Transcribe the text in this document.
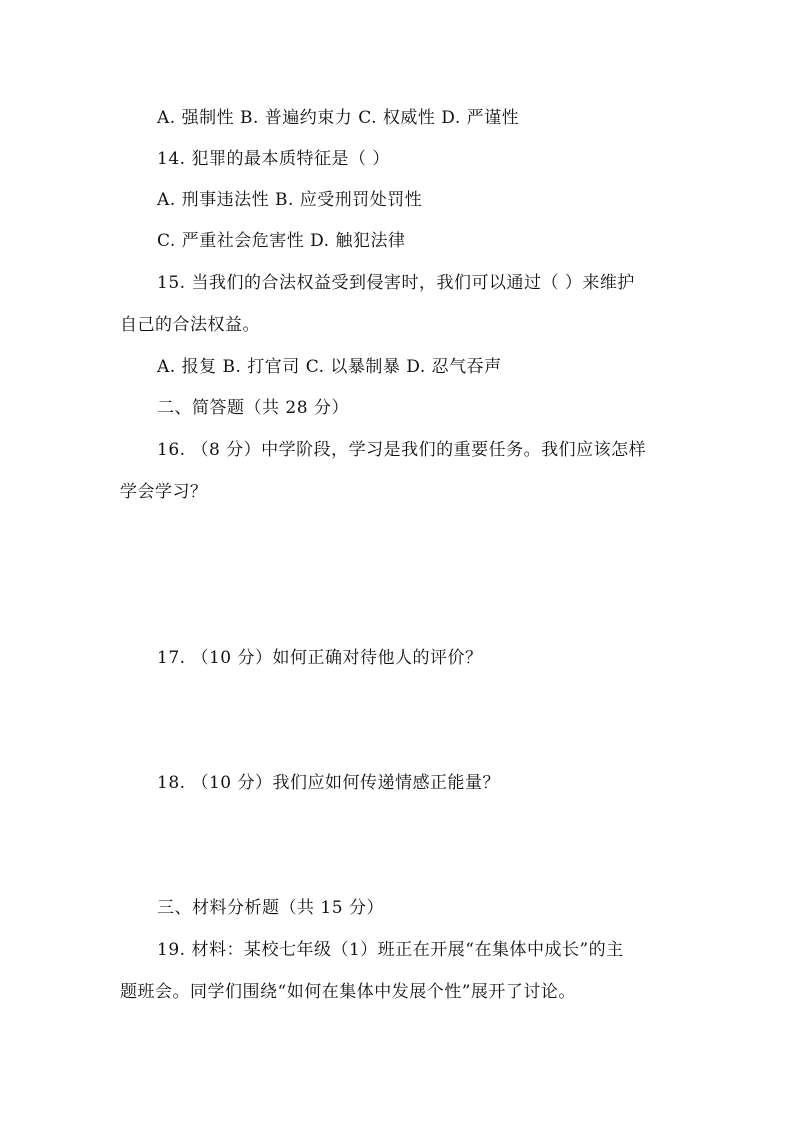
A. 强制性 B. 普遍约束力 C. 权威性 D. 严谨性
14. 犯罪的最本质特征是（ ）
A. 刑事违法性 B. 应受刑罚处罚性
C. 严重社会危害性 D. 触犯法律
15. 当我们的合法权益受到侵害时，我们可以通过（ ）来维护
自己的合法权益。
A. 报复 B. 打官司 C. 以暴制暴 D. 忍气吞声
二、简答题（共 28 分）
16. （8 分）中学阶段，学习是我们的重要任务。我们应该怎样
学会学习？
17. （10 分）如何正确对待他人的评价？
18. （10 分）我们应如何传递情感正能量？
三、材料分析题（共 15 分）
19. 材料：某校七年级（1）班正在开展“在集体中成长”的主
题班会。同学们围绕“如何在集体中发展个性”展开了讨论。
